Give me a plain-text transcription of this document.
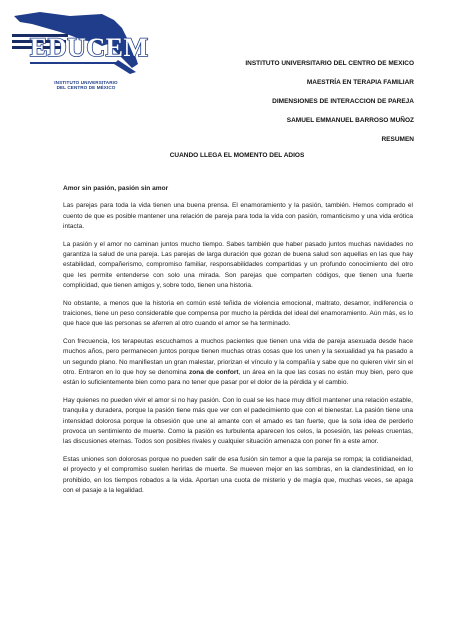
EDUCEM
INSTITUTO UNIVERSITARIO
DEL CENTRO DE MÉXICO
INSTITUTO UNIVERSITARIO DEL CENTRO DE MEXICO
MAESTRÍA EN TERAPIA FAMILIAR
DIMENSIONES DE INTERACCION DE PAREJA
SAMUEL EMMANUEL BARROSO MUÑOZ
RESUMEN
CUANDO LLEGA EL MOMENTO DEL ADIOS

Amor sin pasión, pasión sin amor

Las parejas para toda la vida tienen una buena prensa. El enamoramiento y la pasión, también. Hemos comprado el cuento de que es posible mantener una relación de pareja para toda la vida con pasión, romanticismo y una vida erótica intacta.

La pasión y el amor no caminan juntos mucho tiempo. Sabes también que haber pasado juntos muchas navidades no garantiza la salud de una pareja. Las parejas de larga duración que gozan de buena salud son aquellas en las que hay estabilidad, compañerismo, compromiso familiar, responsabilidades compartidas y un profundo conocimiento del otro que les permite entenderse con solo una mirada. Son parejas que comparten códigos, que tienen una fuerte complicidad, que tienen amigos y, sobre todo, tienen una historia.

No obstante, a menos que la historia en común esté teñida de violencia emocional, maltrato, desamor, indiferencia o traiciones, tiene un peso considerable que compensa por mucho la pérdida del ideal del enamoramiento. Aún más, es lo que hace que las personas se aferren al otro cuando el amor se ha terminado.

Con frecuencia, los terapeutas escuchamos a muchos pacientes que tienen una vida de pareja asexuada desde hace muchos años, pero permanecen juntos porque tienen muchas otras cosas que los unen y la sexualidad ya ha pasado a un segundo plano. No manifiestan un gran malestar, priorizan el vínculo y la compañía y sabe que no quieren vivir sin el otro. Entraron en lo que hoy se denomina zona de confort, un área en la que las cosas no están muy bien, pero que están lo suficientemente bien como para no tener que pasar por el dolor de la pérdida y el cambio.

Hay quienes no pueden vivir el amor si no hay pasión. Con lo cual se les hace muy difícil mantener una relación estable, tranquila y duradera, porque la pasión tiene más que ver con el padecimiento que con el bienestar. La pasión tiene una intensidad dolorosa porque la obsesión que une al amante con el amado es tan fuerte, que la sola idea de perderlo provoca un sentimiento de muerte. Como la pasión es turbulenta aparecen los celos, la posesión, las peleas cruentas, las discusiones eternas. Todos son posibles rivales y cualquier situación amenaza con poner fin a este amor.

Estas uniones son dolorosas porque no pueden salir de esa fusión sin temor a que la pareja se rompa; la cotidianeidad, el proyecto y el compromiso suelen herirlas de muerte. Se mueven mejor en las sombras, en la clandestinidad, en lo prohibido, en los tiempos robados a la vida. Aportan una cuota de misterio y de magia que, muchas veces, se apaga con el pasaje a la legalidad.
